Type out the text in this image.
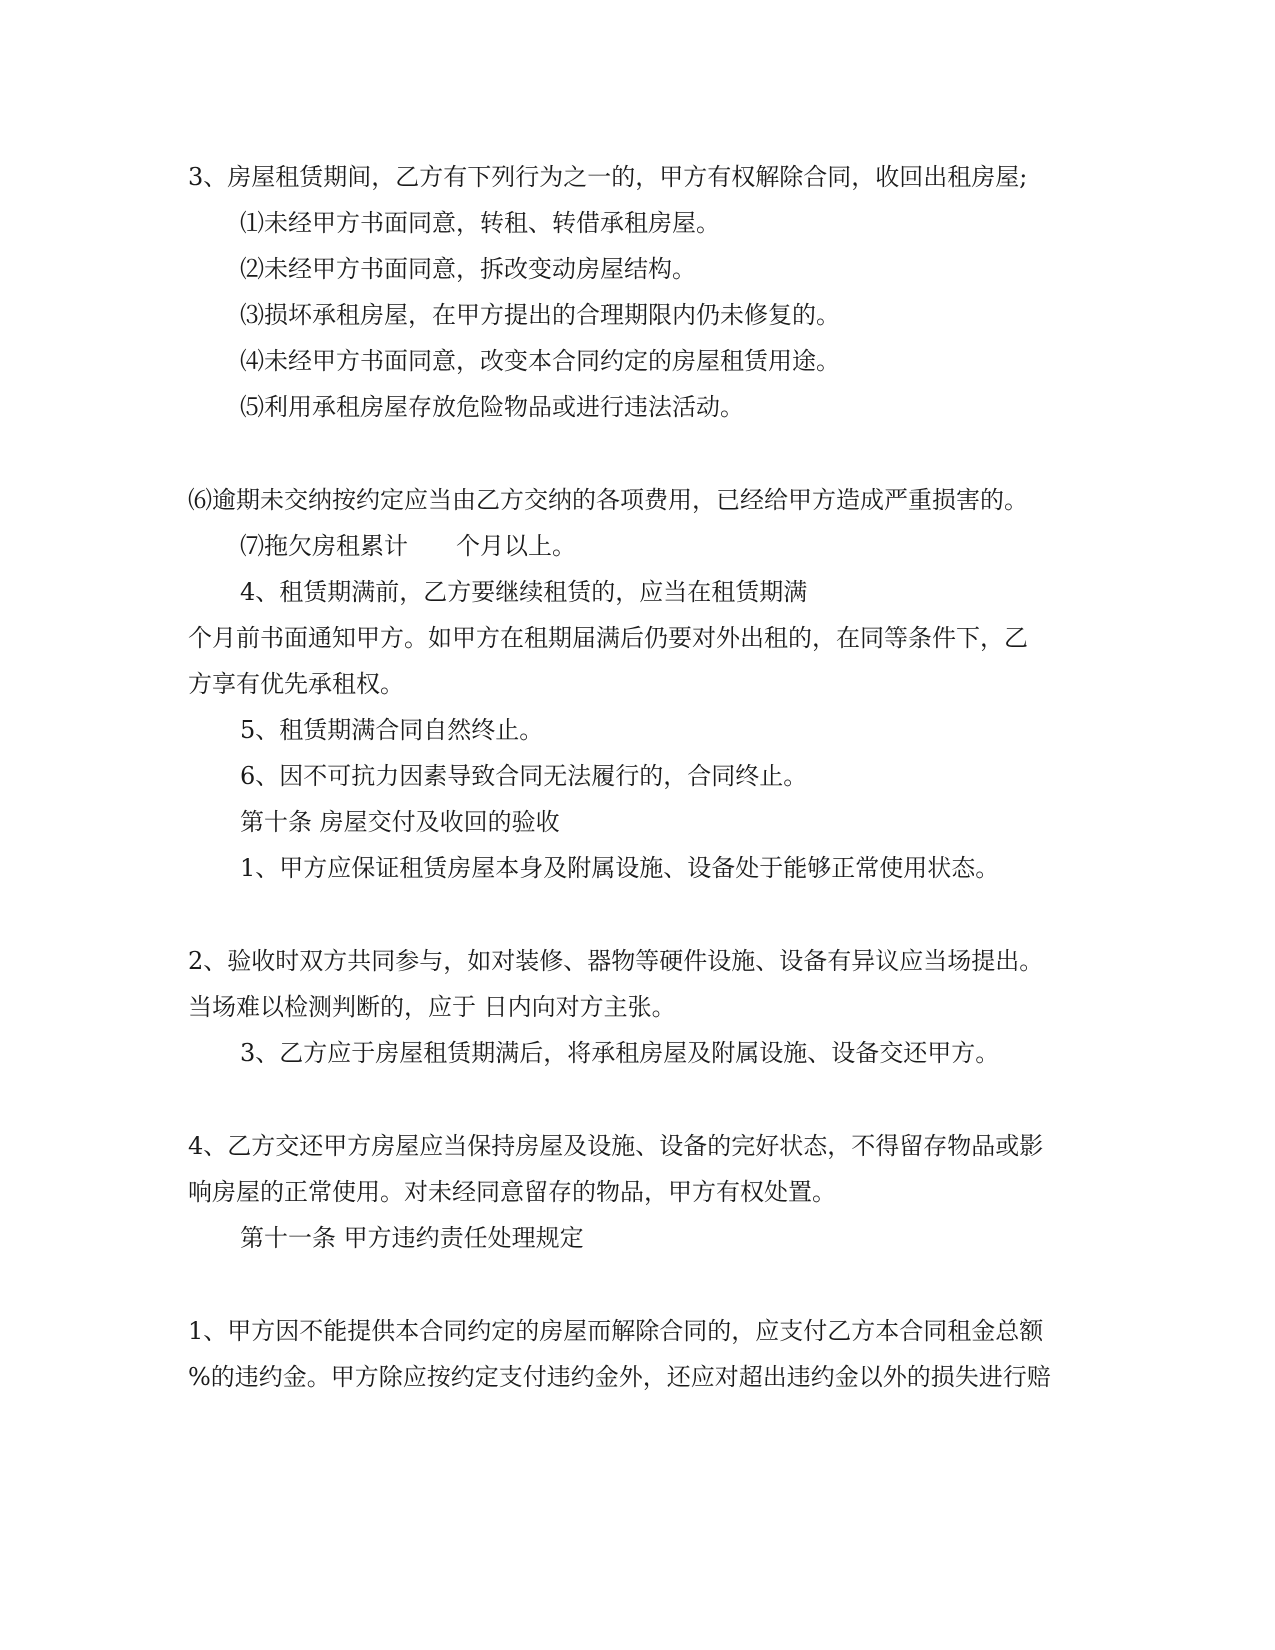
3、房屋租赁期间，乙方有下列行为之一的，甲方有权解除合同，收回出租房屋;
⑴未经甲方书面同意，转租、转借承租房屋。
⑵未经甲方书面同意，拆改变动房屋结构。
⑶损坏承租房屋，在甲方提出的合理期限内仍未修复的。
⑷未经甲方书面同意，改变本合同约定的房屋租赁用途。
⑸利用承租房屋存放危险物品或进行违法活动。
⑹逾期未交纳按约定应当由乙方交纳的各项费用，已经给甲方造成严重损害的。
⑺拖欠房租累计 个月以上。
4、租赁期满前，乙方要继续租赁的，应当在租赁期满
个月前书面通知甲方。如甲方在租期届满后仍要对外出租的，在同等条件下，乙
方享有优先承租权。
5、租赁期满合同自然终止。
6、因不可抗力因素导致合同无法履行的，合同终止。
第十条 房屋交付及收回的验收
1、甲方应保证租赁房屋本身及附属设施、设备处于能够正常使用状态。
2、验收时双方共同参与，如对装修、器物等硬件设施、设备有异议应当场提出。
当场难以检测判断的，应于 日内向对方主张。
3、乙方应于房屋租赁期满后，将承租房屋及附属设施、设备交还甲方。
4、乙方交还甲方房屋应当保持房屋及设施、设备的完好状态，不得留存物品或影
响房屋的正常使用。对未经同意留存的物品，甲方有权处置。
第十一条 甲方违约责任处理规定
1、甲方因不能提供本合同约定的房屋而解除合同的，应支付乙方本合同租金总额
%的违约金。甲方除应按约定支付违约金外，还应对超出违约金以外的损失进行赔
